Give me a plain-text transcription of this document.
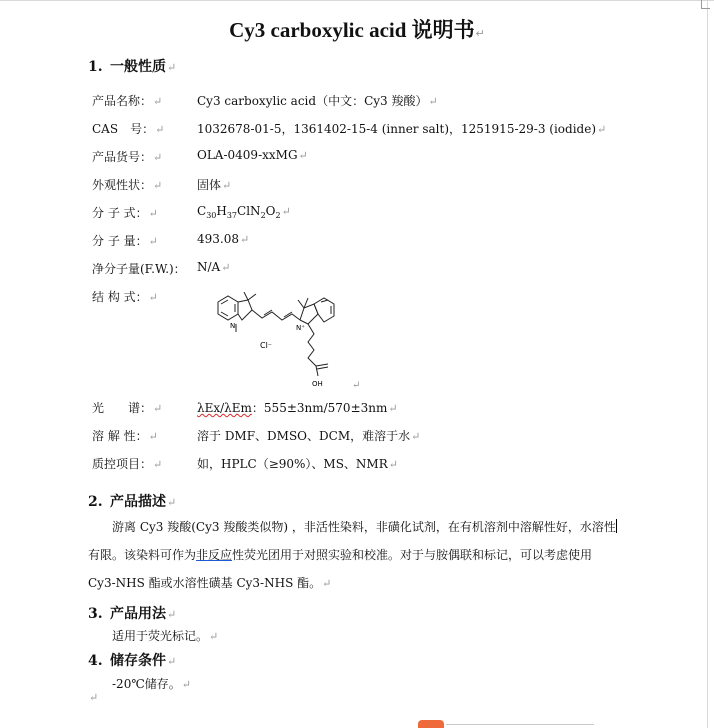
Cy3 carboxylic acid 说明书↵
1. 一般性质↵
产品名称：↵	Cy3 carboxylic acid（中文：Cy3 羧酸）↵
CAS　号：↵	1032678-01-5，1361402-15-4 (inner salt)，1251915-29-3 (iodide)↵
产品货号：↵	OLA-0409-xxMG↵
外观性状：↵	固体↵
分 子 式：↵	$C_{30}H_{37}ClN_2O_2↵$
分 子 量：↵	493.08↵
净分子量(F.W.)： N/A↵
结 构 式：↵
N	N⁺
Cl⁻
OH	↵
光　　谱：↵	λEx/λEm：555±3nm/570±3nm↵
溶 解 性：↵	溶于 DMF、DMSO、DCM，难溶于水↵
质控项目：↵	如，HPLC（≥90%）、MS、NMR↵
2. 产品描述↵
游离 Cy3 羧酸(Cy3 羧酸类似物) ，非活性染料，非磺化试剂，在有机溶剂中溶解性好，水溶性
有限。该染料可作为非反应性荧光团用于对照实验和校准。对于与胺偶联和标记，可以考虑使用
Cy3-NHS 酯或水溶性磺基 Cy3-NHS 酯。↵
3. 产品用法↵
适用于荧光标记。↵
4. 储存条件↵
-20℃储存。↵
↵
